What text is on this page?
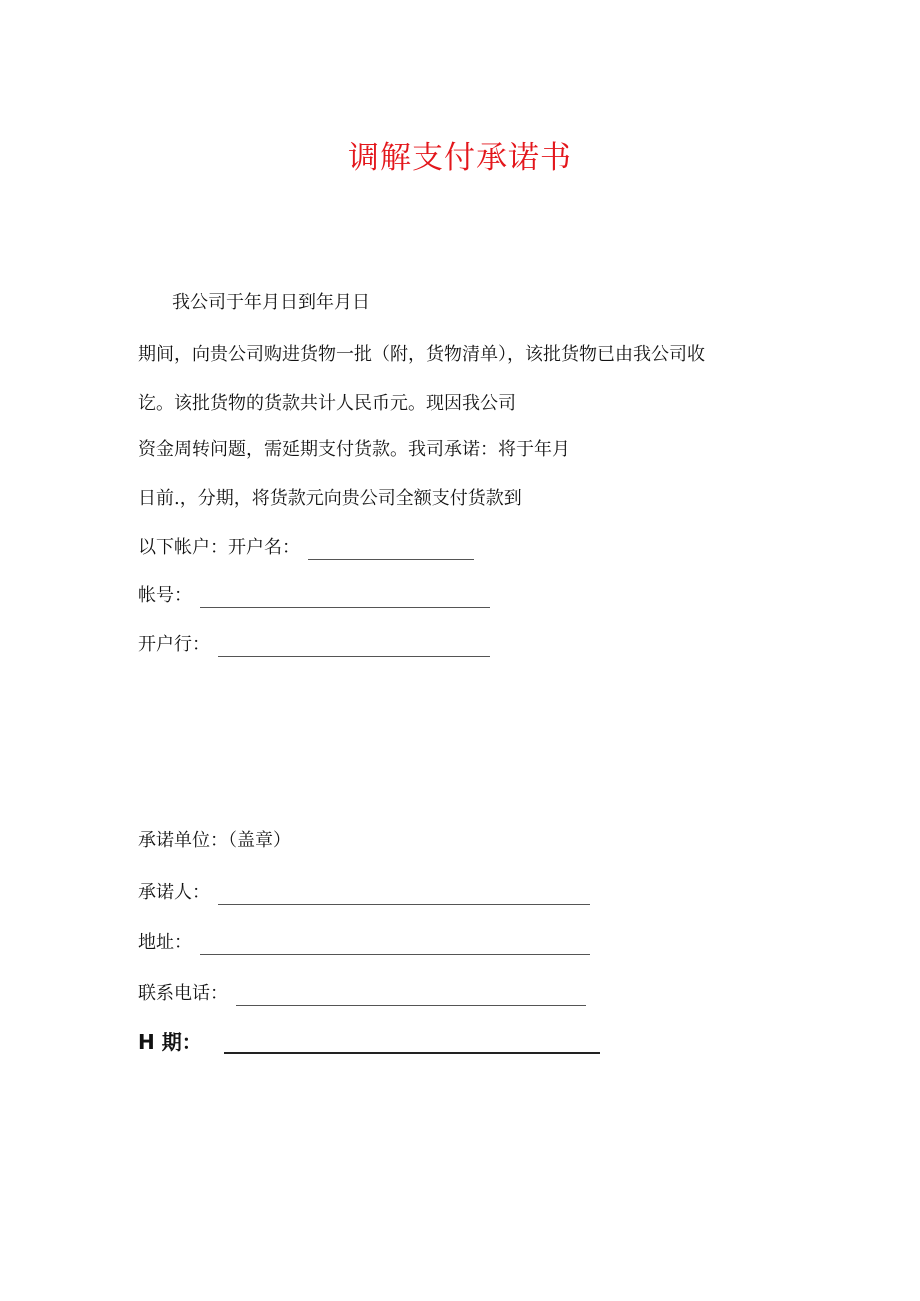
调解支付承诺书
我公司于年月日到年月日
期间，向贵公司购进货物一批（附，货物清单），该批货物已由我公司收
讫。该批货物的货款共计人民币元。现因我公司
资金周转问题，需延期支付货款。我司承诺：将于年月
日前.，分期，将货款元向贵公司全额支付货款到
以下帐户：开户名：
帐号：
开户行：
承诺单位：（盖章）
承诺人：
地址：
联系电话：
H 期：
